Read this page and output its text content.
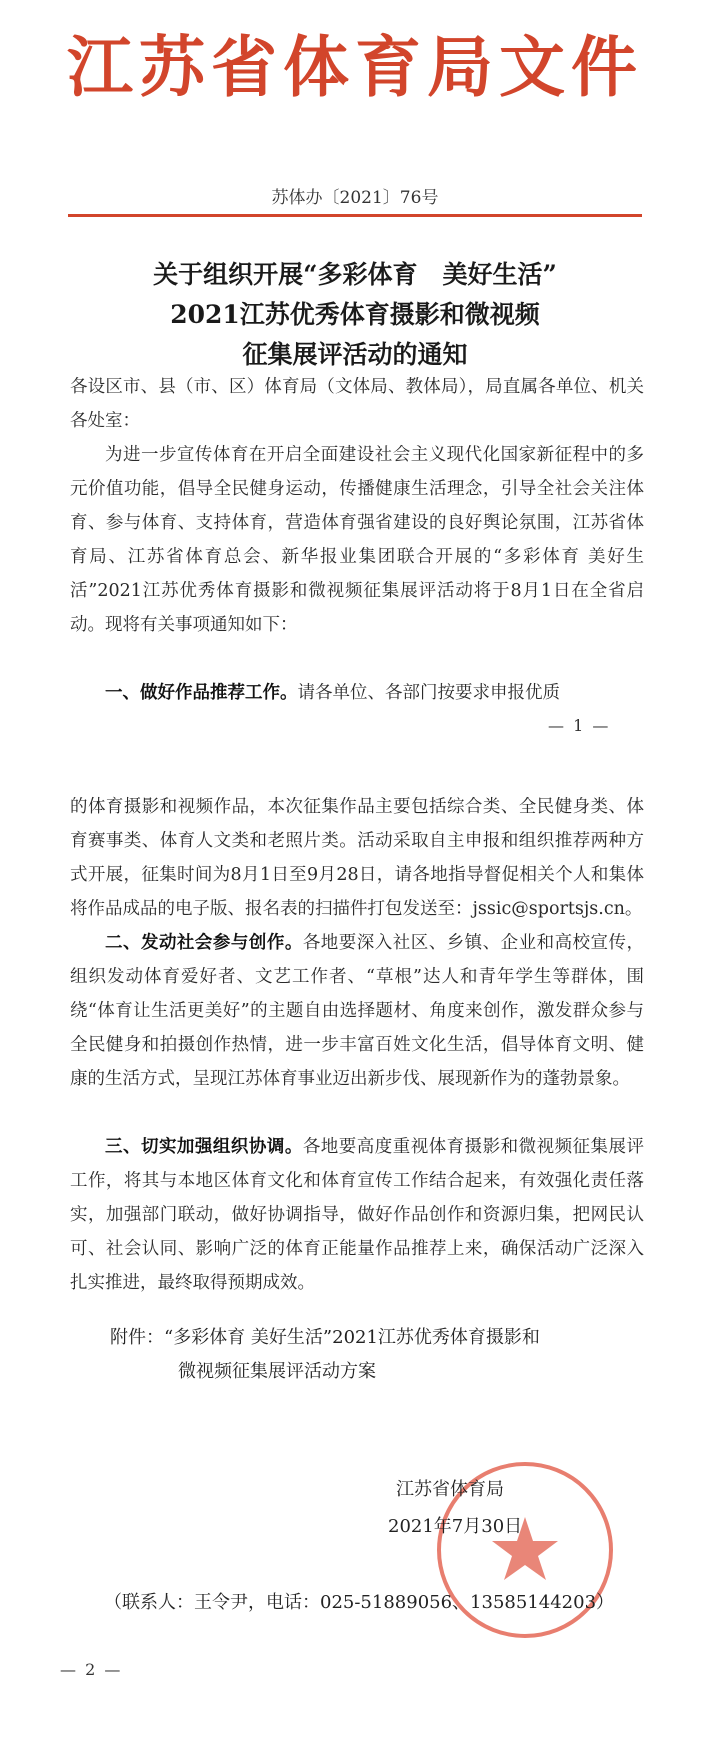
江苏省体育局文件
苏体办〔2021〕76号
关于组织开展“多彩体育　美好生活”
2021江苏优秀体育摄影和微视频
征集展评活动的通知
各设区市、县（市、区）体育局（文体局、教体局），局直属各单位、机关各处室：
为进一步宣传体育在开启全面建设社会主义现代化国家新征程中的多元价值功能，倡导全民健身运动，传播健康生活理念，引导全社会关注体育、参与体育、支持体育，营造体育强省建设的良好舆论氛围，江苏省体育局、江苏省体育总会、新华报业集团联合开展的“多彩体育 美好生活”2021江苏优秀体育摄影和微视频征集展评活动将于8月1日在全省启动。现将有关事项通知如下：
一、做好作品推荐工作。请各单位、各部门按要求申报优质
— 1 —
的体育摄影和视频作品，本次征集作品主要包括综合类、全民健身类、体育赛事类、体育人文类和老照片类。活动采取自主申报和组织推荐两种方式开展，征集时间为8月1日至9月28日，请各地指导督促相关个人和集体将作品成品的电子版、报名表的扫描件打包发送至：jssic@sportsjs.cn。
二、发动社会参与创作。各地要深入社区、乡镇、企业和高校宣传，组织发动体育爱好者、文艺工作者、“草根”达人和青年学生等群体，围绕“体育让生活更美好”的主题自由选择题材、角度来创作，激发群众参与全民健身和拍摄创作热情，进一步丰富百姓文化生活，倡导体育文明、健康的生活方式，呈现江苏体育事业迈出新步伐、展现新作为的蓬勃景象。
三、切实加强组织协调。各地要高度重视体育摄影和微视频征集展评工作，将其与本地区体育文化和体育宣传工作结合起来，有效强化责任落实，加强部门联动，做好协调指导，做好作品创作和资源归集，把网民认可、社会认同、影响广泛的体育正能量作品推荐上来，确保活动广泛深入扎实推进，最终取得预期成效。
附件：“多彩体育 美好生活”2021江苏优秀体育摄影和
微视频征集展评活动方案
江苏省体育局
2021年7月30日
（联系人：王令尹，电话：025-51889056、13585144203）
— 2 —
